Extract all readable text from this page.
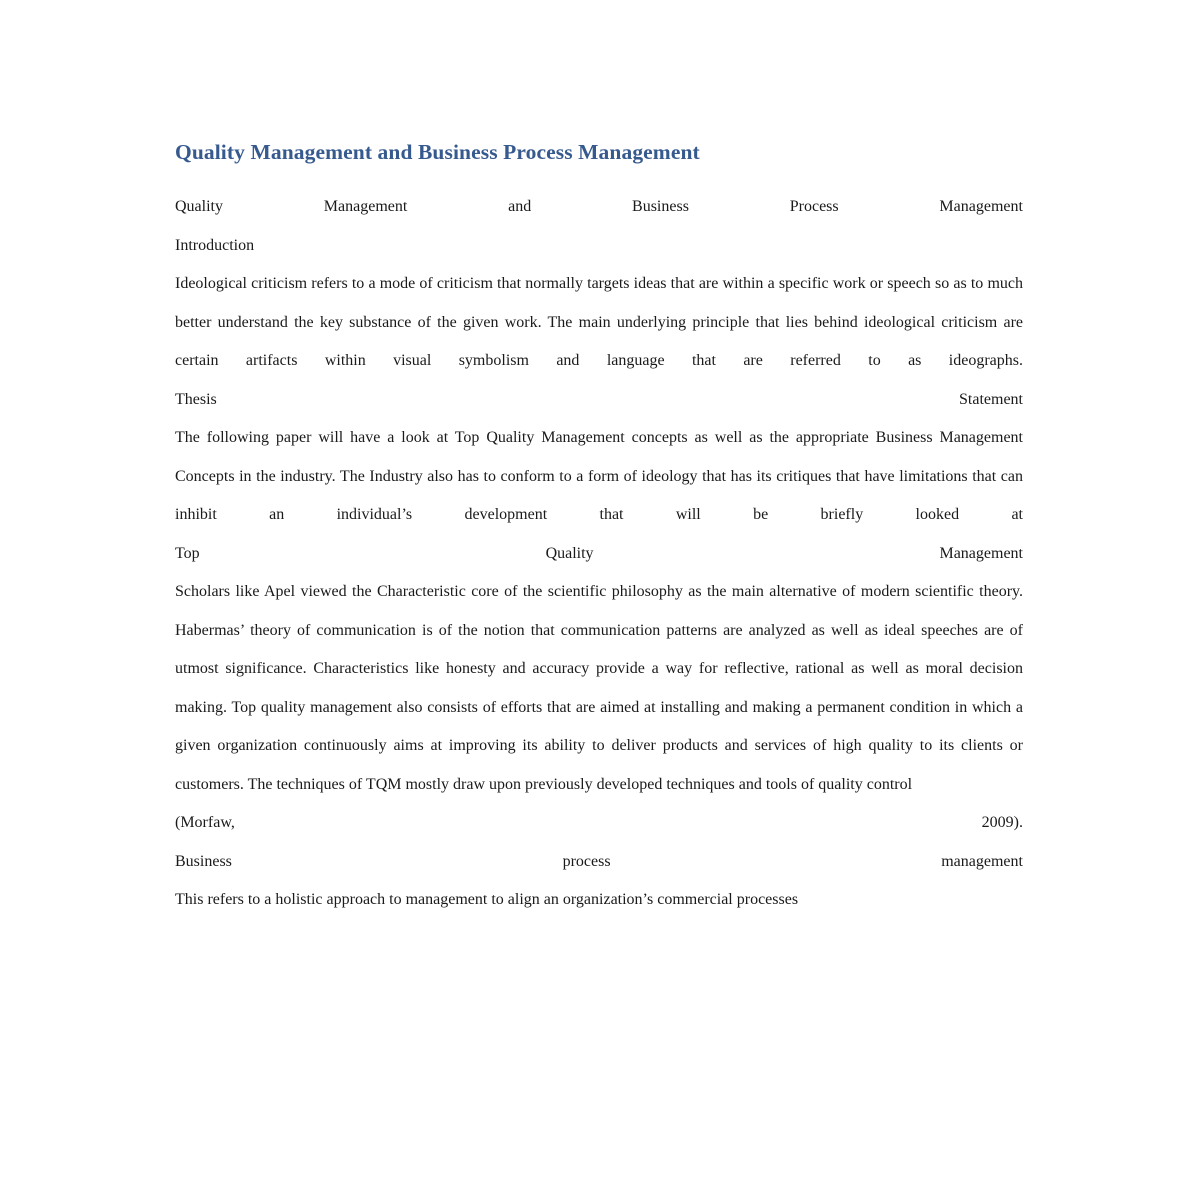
Quality Management and Business Process Management
Quality	Management	and	Business	Process	Management
Introduction

Ideological criticism refers to a mode of criticism that normally targets ideas that are within a specific work or speech so as to much better understand the key substance of the given work. The main underlying principle that lies behind ideological criticism are certain artifacts within visual symbolism and language that are referred to as ideographs.

Thesis	Statement

The following paper will have a look at Top Quality Management concepts as well as the appropriate Business Management Concepts in the industry. The Industry also has to conform to a form of ideology that has its critiques that have limitations that can inhibit an individual’s development that will be briefly looked at

Top	Quality	Management

Scholars like Apel viewed the Characteristic core of the scientific philosophy as the main alternative of modern scientific theory. Habermas’ theory of communication is of the notion that communication patterns are analyzed as well as ideal speeches are of utmost significance. Characteristics like honesty and accuracy provide a way for reflective, rational as well as moral decision making. Top quality management also consists of efforts that are aimed at installing and making a permanent condition in which a given organization continuously aims at improving its ability to deliver products and services of high quality to its clients or customers. The techniques of TQM mostly draw upon previously developed techniques and tools of quality control

(Morfaw,	2009).
Business	process	management

This refers to a holistic approach to management to align an organization’s commercial processes
